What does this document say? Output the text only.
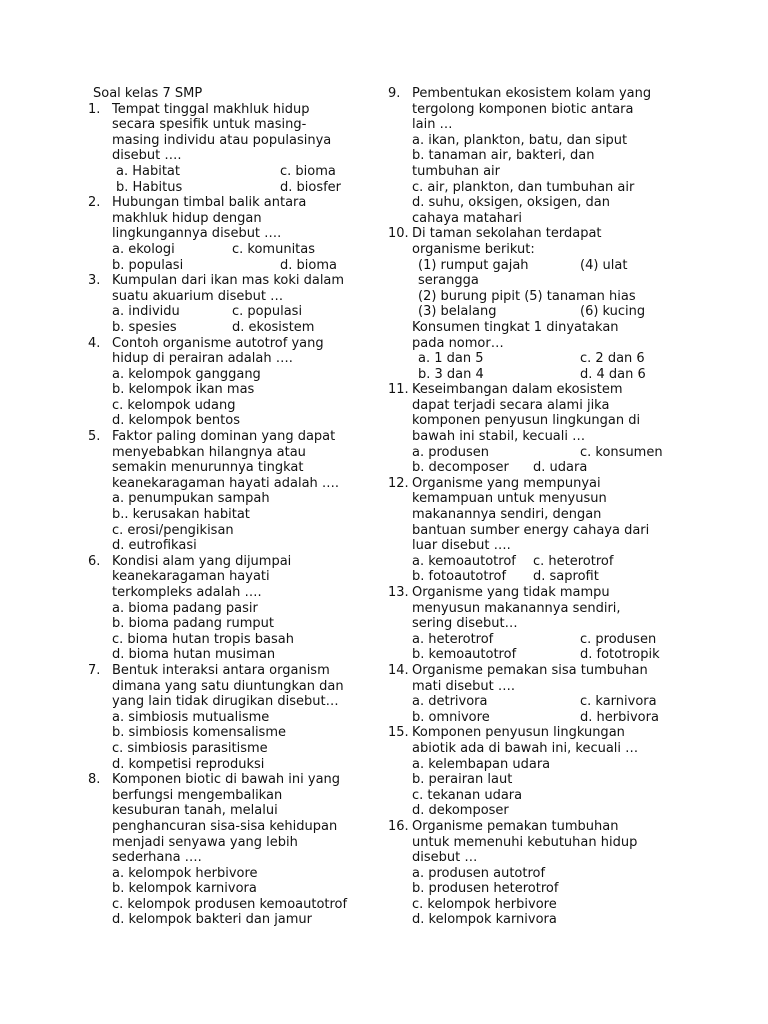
Soal kelas 7 SMP
1. Tempat tinggal makhluk hidup
secara spesifik untuk masing-
masing individu atau populasinya
disebut ….
a. Habitat	c. bioma
b. Habitus	d. biosfer
2. Hubungan timbal balik antara
makhluk hidup dengan
lingkungannya disebut ….
a. ekologi	c. komunitas
b. populasi	d. bioma
3. Kumpulan dari ikan mas koki dalam
suatu akuarium disebut …
a. individu	c. populasi
b. spesies	d. ekosistem
4. Contoh organisme autotrof yang
hidup di perairan adalah ….
a. kelompok ganggang
b. kelompok ikan mas
c. kelompok udang
d. kelompok bentos
5. Faktor paling dominan yang dapat
menyebabkan hilangnya atau
semakin menurunnya tingkat
keanekaragaman hayati adalah ….
a. penumpukan sampah
b.. kerusakan habitat
c. erosi/pengikisan
d. eutrofikasi
6. Kondisi alam yang dijumpai
keanekaragaman hayati
terkompleks adalah ….
a. bioma padang pasir
b. bioma padang rumput
c. bioma hutan tropis basah
d. bioma hutan musiman
7. Bentuk interaksi antara organism
dimana yang satu diuntungkan dan
yang lain tidak dirugikan disebut…
a. simbiosis mutualisme
b. simbiosis komensalisme
c. simbiosis parasitisme
d. kompetisi reproduksi
8. Komponen biotic di bawah ini yang
berfungsi mengembalikan
kesuburan tanah, melalui
penghancuran sisa-sisa kehidupan
menjadi senyawa yang lebih
sederhana ….
a. kelompok herbivore
b. kelompok karnivora
c. kelompok produsen kemoautotrof
d. kelompok bakteri dan jamur
9. Pembentukan ekosistem kolam yang
tergolong komponen biotic antara
lain …
a. ikan, plankton, batu, dan siput
b. tanaman air, bakteri, dan
tumbuhan air
c. air, plankton, dan tumbuhan air
d. suhu, oksigen, oksigen, dan
cahaya matahari
10. Di taman sekolahan terdapat
organisme berikut:
(1) rumput gajah	(4) ulat
serangga
(2) burung pipit (5) tanaman hias
(3) belalang	(6) kucing
Konsumen tingkat 1 dinyatakan
pada nomor…
a. 1 dan 5	c. 2 dan 6
b. 3 dan 4	d. 4 dan 6
11. Keseimbangan dalam ekosistem
dapat terjadi secara alami jika
komponen penyusun lingkungan di
bawah ini stabil, kecuali …
a. produsen	c. konsumen
b. decomposer d. udara
12. Organisme yang mempunyai
kemampuan untuk menyusun
makanannya sendiri, dengan
bantuan sumber energy cahaya dari
luar disebut ….
a. kemoautotrof c. heterotrof
b. fotoautotrof d. saprofit
13. Organisme yang tidak mampu
menyusun makanannya sendiri,
sering disebut…
a. heterotrof	c. produsen
b. kemoautotrof	d. fototropik
14. Organisme pemakan sisa tumbuhan
mati disebut ….
a. detrivora	c. karnivora
b. omnivore	d. herbivora
15. Komponen penyusun lingkungan
abiotik ada di bawah ini, kecuali …
a. kelembapan udara
b. perairan laut
c. tekanan udara
d. dekomposer
16. Organisme pemakan tumbuhan
untuk memenuhi kebutuhan hidup
disebut …
a. produsen autotrof
b. produsen heterotrof
c. kelompok herbivore
d. kelompok karnivora
